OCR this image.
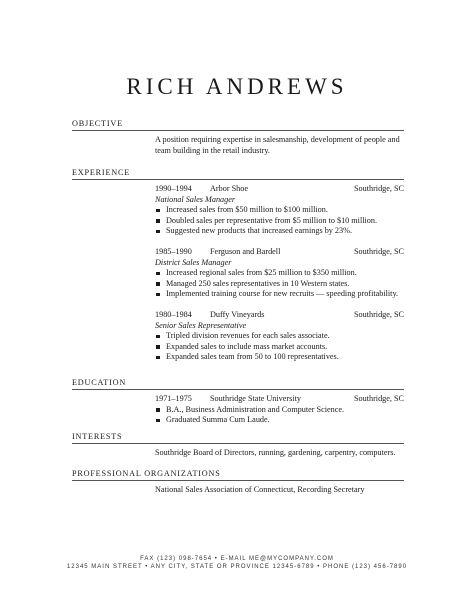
RICH ANDREWS
OBJECTIVE
A position requiring expertise in salesmanship, development of people and team building in the retail industry.
EXPERIENCE
1990–1994	Arbor Shoe	Southridge, SC
National Sales Manager
Increased sales from $50 million to $100 million.
Doubled sales per representative from $5 million to $10 million.
Suggested new products that increased earnings by 23%.
1985–1990	Ferguson and Bardell	Southridge, SC
District Sales Manager
Increased regional sales from $25 million to $350 million.
Managed 250 sales representatives in 10 Western states.
Implemented training course for new recruits — speeding profitability.
1980–1984	Duffy Vineyards	Southridge, SC
Senior Sales Representative
Tripled division revenues for each sales associate.
Expanded sales to include mass market accounts.
Expanded sales team from 50 to 100 representatives.
EDUCATION
1971–1975	Southridge State University	Southridge, SC
B.A., Business Administration and Computer Science.
Graduated Summa Cum Laude.
INTERESTS
Southridge Board of Directors, running, gardening, carpentry, computers.
PROFESSIONAL ORGANIZATIONS
National Sales Association of Connecticut, Recording Secretary
FAX (123) 098-7654 • E-MAIL ME@MYCOMPANY.COM
12345 MAIN STREET • ANY CITY, STATE OR PROVINCE 12345-6789 • PHONE (123) 456-7890
